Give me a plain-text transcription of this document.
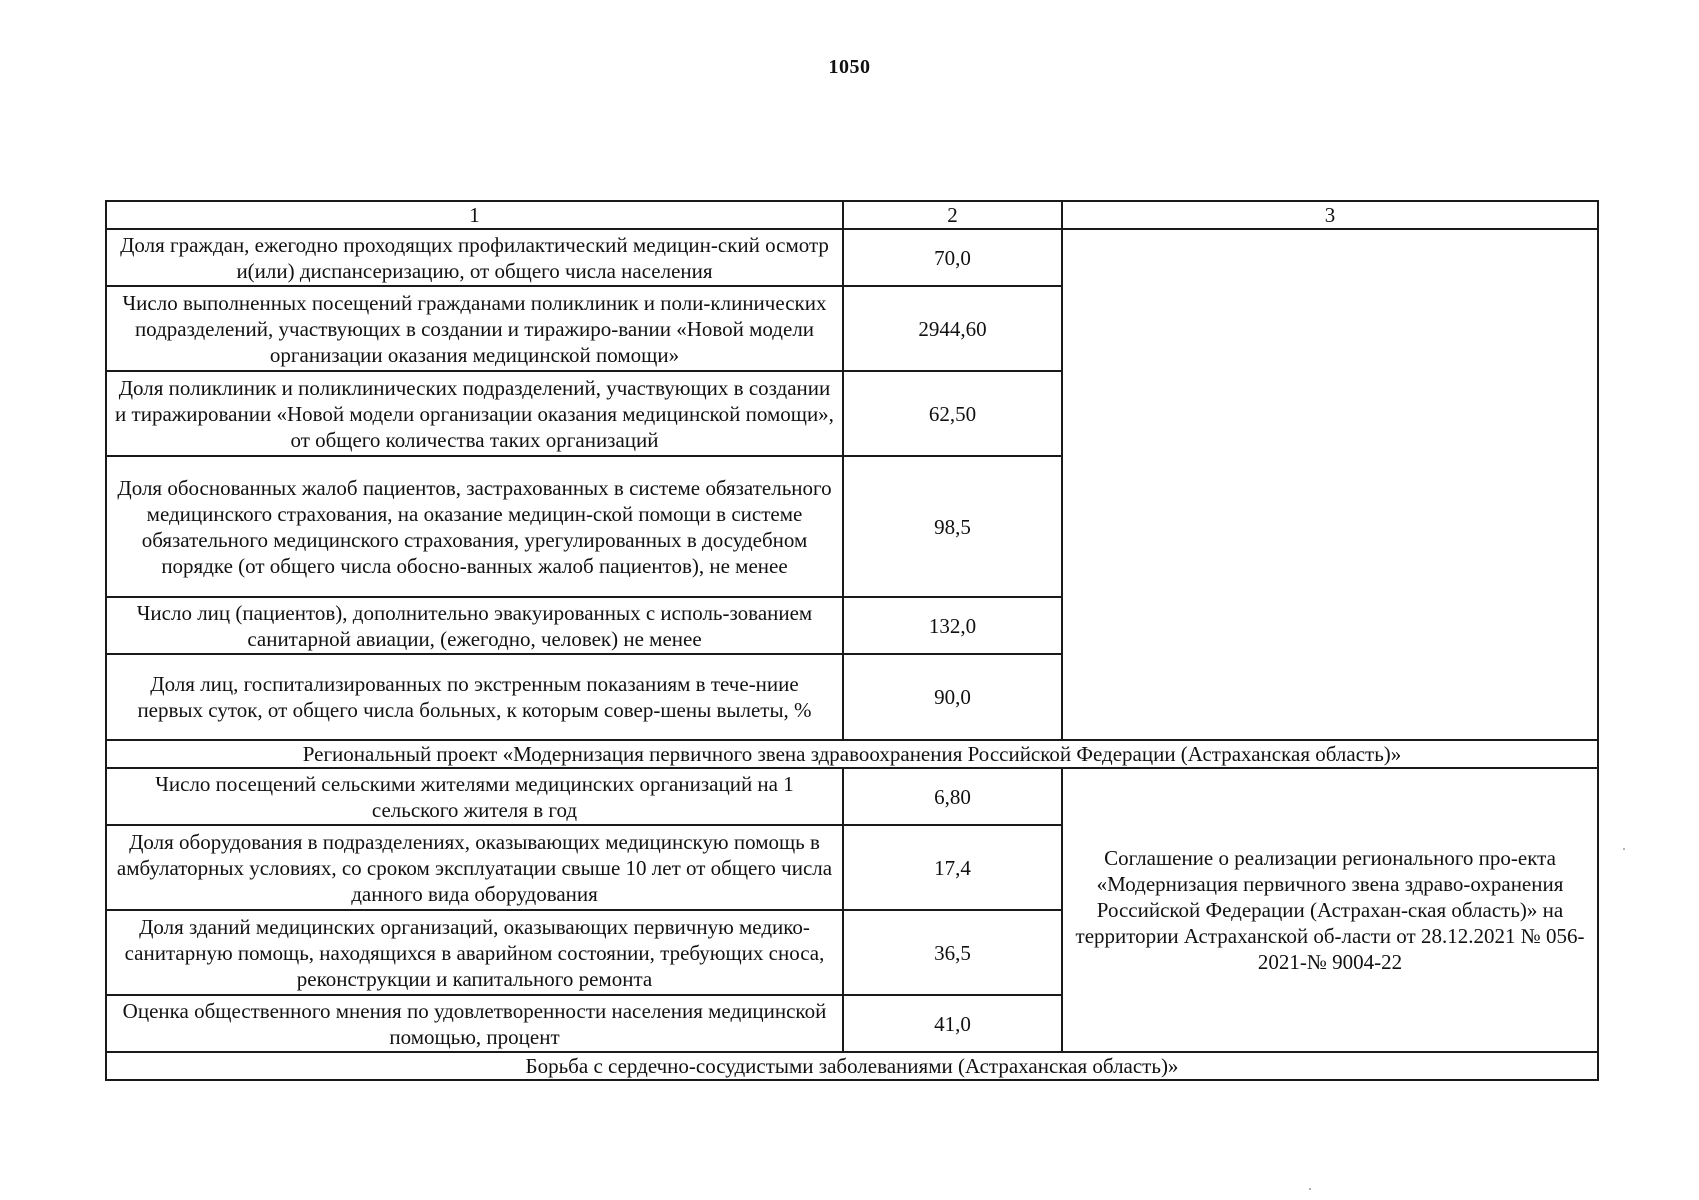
1050
1	2	3
Доля граждан, ежегодно проходящих профилактический медицин-ский осмотр и(или) диспансеризацию, от общего числа населения	70,0	
Число выполненных посещений гражданами поликлиник и поли-клинических подразделений, участвующих в создании и тиражиро-вании «Новой модели организации оказания медицинской помощи»	2944,60	
Доля поликлиник и поликлинических подразделений, участвующих в создании и тиражировании «Новой модели организации оказания медицинской помощи», от общего количества таких организаций	62,50	
Доля обоснованных жалоб пациентов, застрахованных в системе обязательного медицинского страхования, на оказание медицин-ской помощи в системе обязательного медицинского страхования, урегулированных в досудебном порядке (от общего числа обосно-ванных жалоб пациентов), не менее	98,5	
Число лиц (пациентов), дополнительно эвакуированных с исполь-зованием санитарной авиации, (ежегодно, человек) не менее	132,0	
Доля лиц, госпитализированных по экстренным показаниям в тече-ниие первых суток, от общего числа больных, к которым совер-шены вылеты, %	90,0	
Региональный проект «Модернизация первичного звена здравоохранения Российской Федерации (Астраханская область)»		
Число посещений сельскими жителями медицинских организаций на 1 сельского жителя в год	6,80	Соглашение о реализации регионального про-екта «Модернизация первичного звена здраво-охранения Российской Федерации (Астрахан-ская область)» на территории Астраханской об-ласти от 28.12.2021 № 056-2021-№ 9004-22
Доля оборудования в подразделениях, оказывающих медицинскую помощь в амбулаторных условиях, со сроком эксплуатации свыше 10 лет от общего числа данного вида оборудования	17,4	
Доля зданий медицинских организаций, оказывающих первичную медико-санитарную помощь, находящихся в аварийном состоянии, требующих сноса, реконструкции и капитального ремонта	36,5	
Оценка общественного мнения по удовлетворенности населения медицинской помощью, процент	41,0	
Борьба с сердечно-сосудистыми заболеваниями (Астраханская область)»		
